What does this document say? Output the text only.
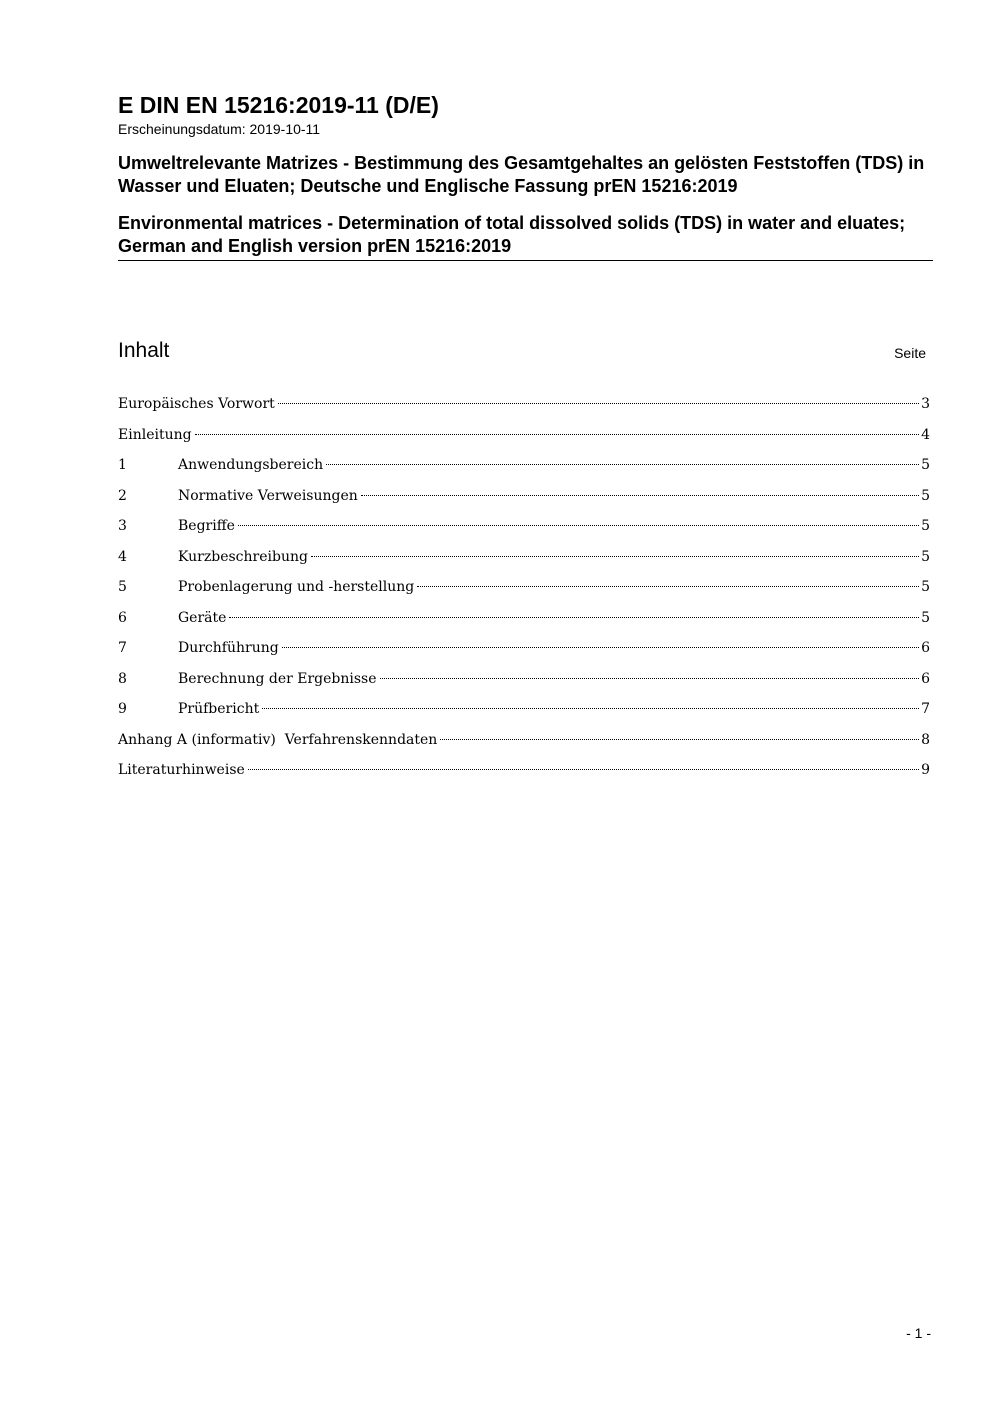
E DIN EN 15216:2019-11 (D/E)

Erscheinungsdatum: 2019-10-11

Umweltrelevante Matrizes - Bestimmung des Gesamtgehaltes an gelösten Feststoffen (TDS) in Wasser und Eluaten; Deutsche und Englische Fassung prEN 15216:2019

Environmental matrices - Determination of total dissolved solids (TDS) in water and eluates; German and English version prEN 15216:2019

Inhalt	Seite
Europäisches Vorwort	3
Einleitung	4
1	Anwendungsbereich	5
2	Normative Verweisungen	5
3	Begriffe	5
4	Kurzbeschreibung	5
5	Probenlagerung und -herstellung	5
6	Geräte	5
7	Durchführung	6
8	Berechnung der Ergebnisse	6
9	Prüfbericht	7
Anhang A (informativ)  Verfahrenskenndaten	8
Literaturhinweise	9
- 1 -
